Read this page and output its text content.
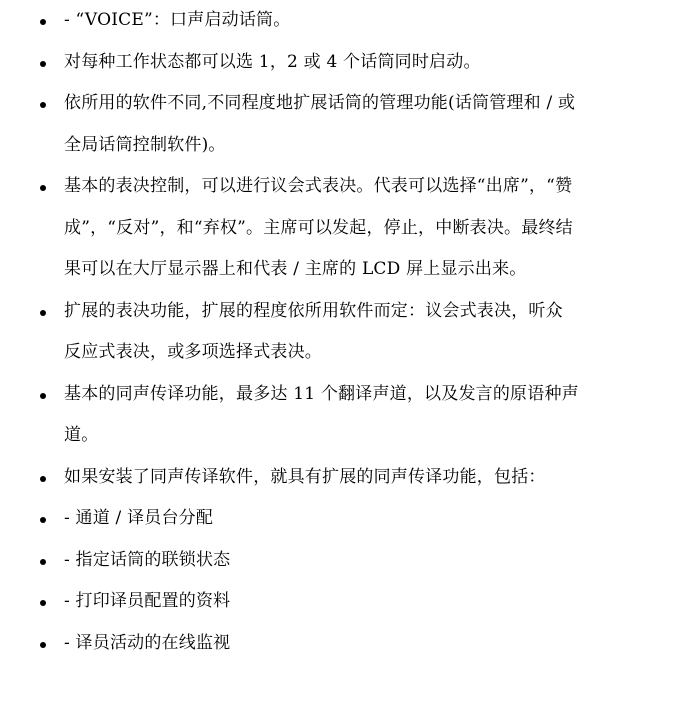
- “VOICE”：口声启动话筒。
对每种工作状态都可以选 1，2 或 4 个话筒同时启动。
依所用的软件不同,不同程度地扩展话筒的管理功能(话筒管理和 / 或全局话筒控制软件)。
基本的表决控制，可以进行议会式表决。代表可以选择“出席”，“赞成”，“反对”，和“弃权”。主席可以发起，停止，中断表决。最终结果可以在大厅显示器上和代表 / 主席的 LCD 屏上显示出来。
扩展的表决功能，扩展的程度依所用软件而定：议会式表决，听众反应式表决，或多项选择式表决。
基本的同声传译功能，最多达 11 个翻译声道，以及发言的原语种声道。
如果安装了同声传译软件，就具有扩展的同声传译功能，包括：
- 通道 / 译员台分配
- 指定话筒的联锁状态
- 打印译员配置的资料
- 译员活动的在线监视
